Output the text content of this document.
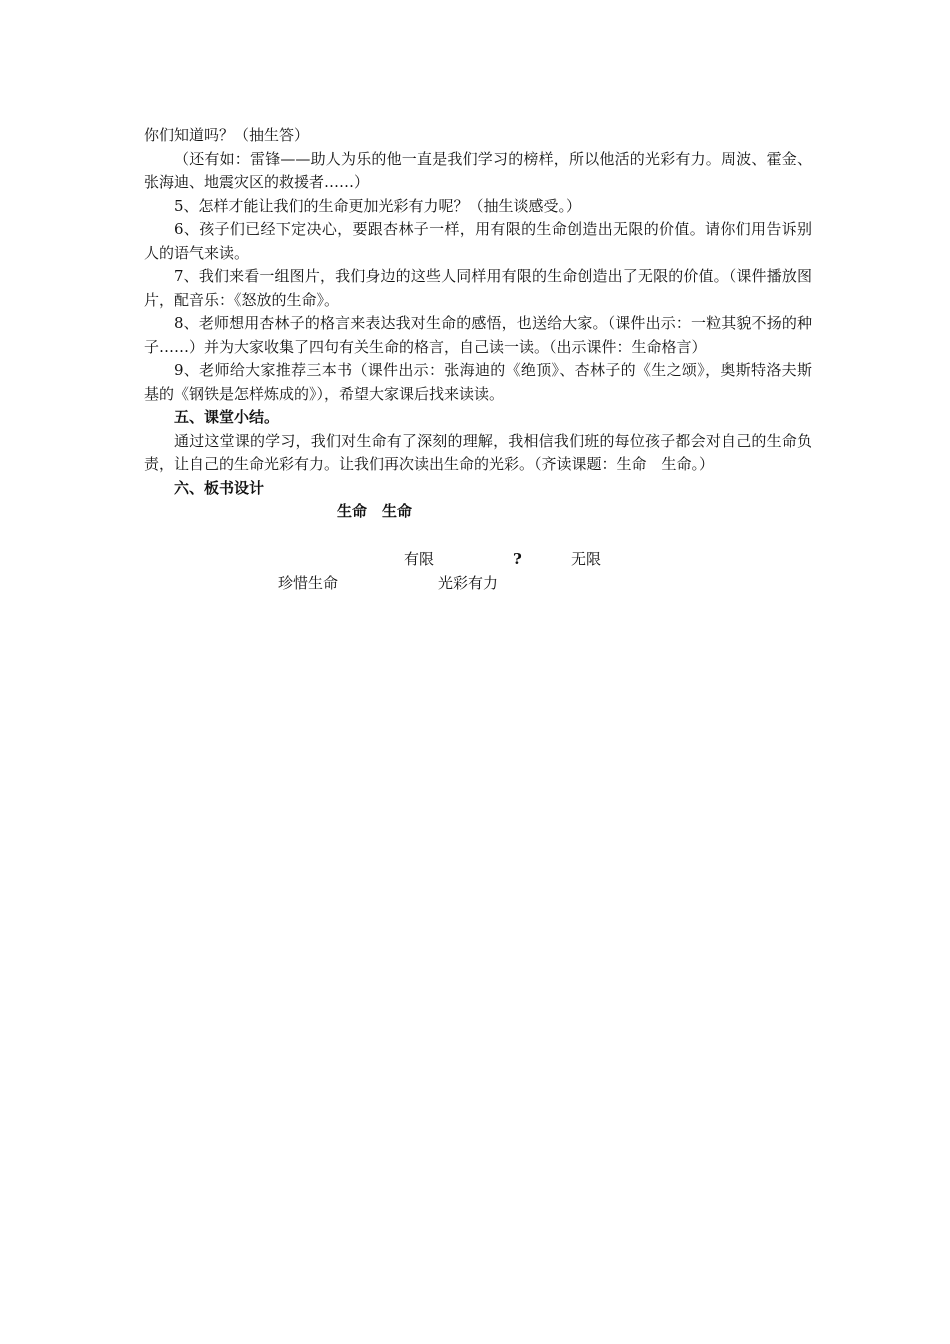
你们知道吗？（抽生答）

（还有如：雷锋——助人为乐的他一直是我们学习的榜样，所以他活的光彩有力。周波、霍金、张海迪、地震灾区的救援者……）

5、怎样才能让我们的生命更加光彩有力呢？（抽生谈感受。）

6、孩子们已经下定决心，要跟杏林子一样，用有限的生命创造出无限的价值。请你们用告诉别人的语气来读。

7、我们来看一组图片，我们身边的这些人同样用有限的生命创造出了无限的价值。（课件播放图片，配音乐：《怒放的生命》。

8、老师想用杏林子的格言来表达我对生命的感悟，也送给大家。（课件出示：一粒其貌不扬的种子……）并为大家收集了四句有关生命的格言，自己读一读。（出示课件：生命格言）

9、老师给大家推荐三本书（课件出示：张海迪的《绝顶》、杏林子的《生之颂》，奥斯特洛夫斯基的《钢铁是怎样炼成的》），希望大家课后找来读读。

五、课堂小结。

通过这堂课的学习，我们对生命有了深刻的理解，我相信我们班的每位孩子都会对自己的生命负责，让自己的生命光彩有力。让我们再次读出生命的光彩。（齐读课题：生命　生命。）

六、板书设计

生命　生命
有限	?	无限
珍惜生命	光彩有力
